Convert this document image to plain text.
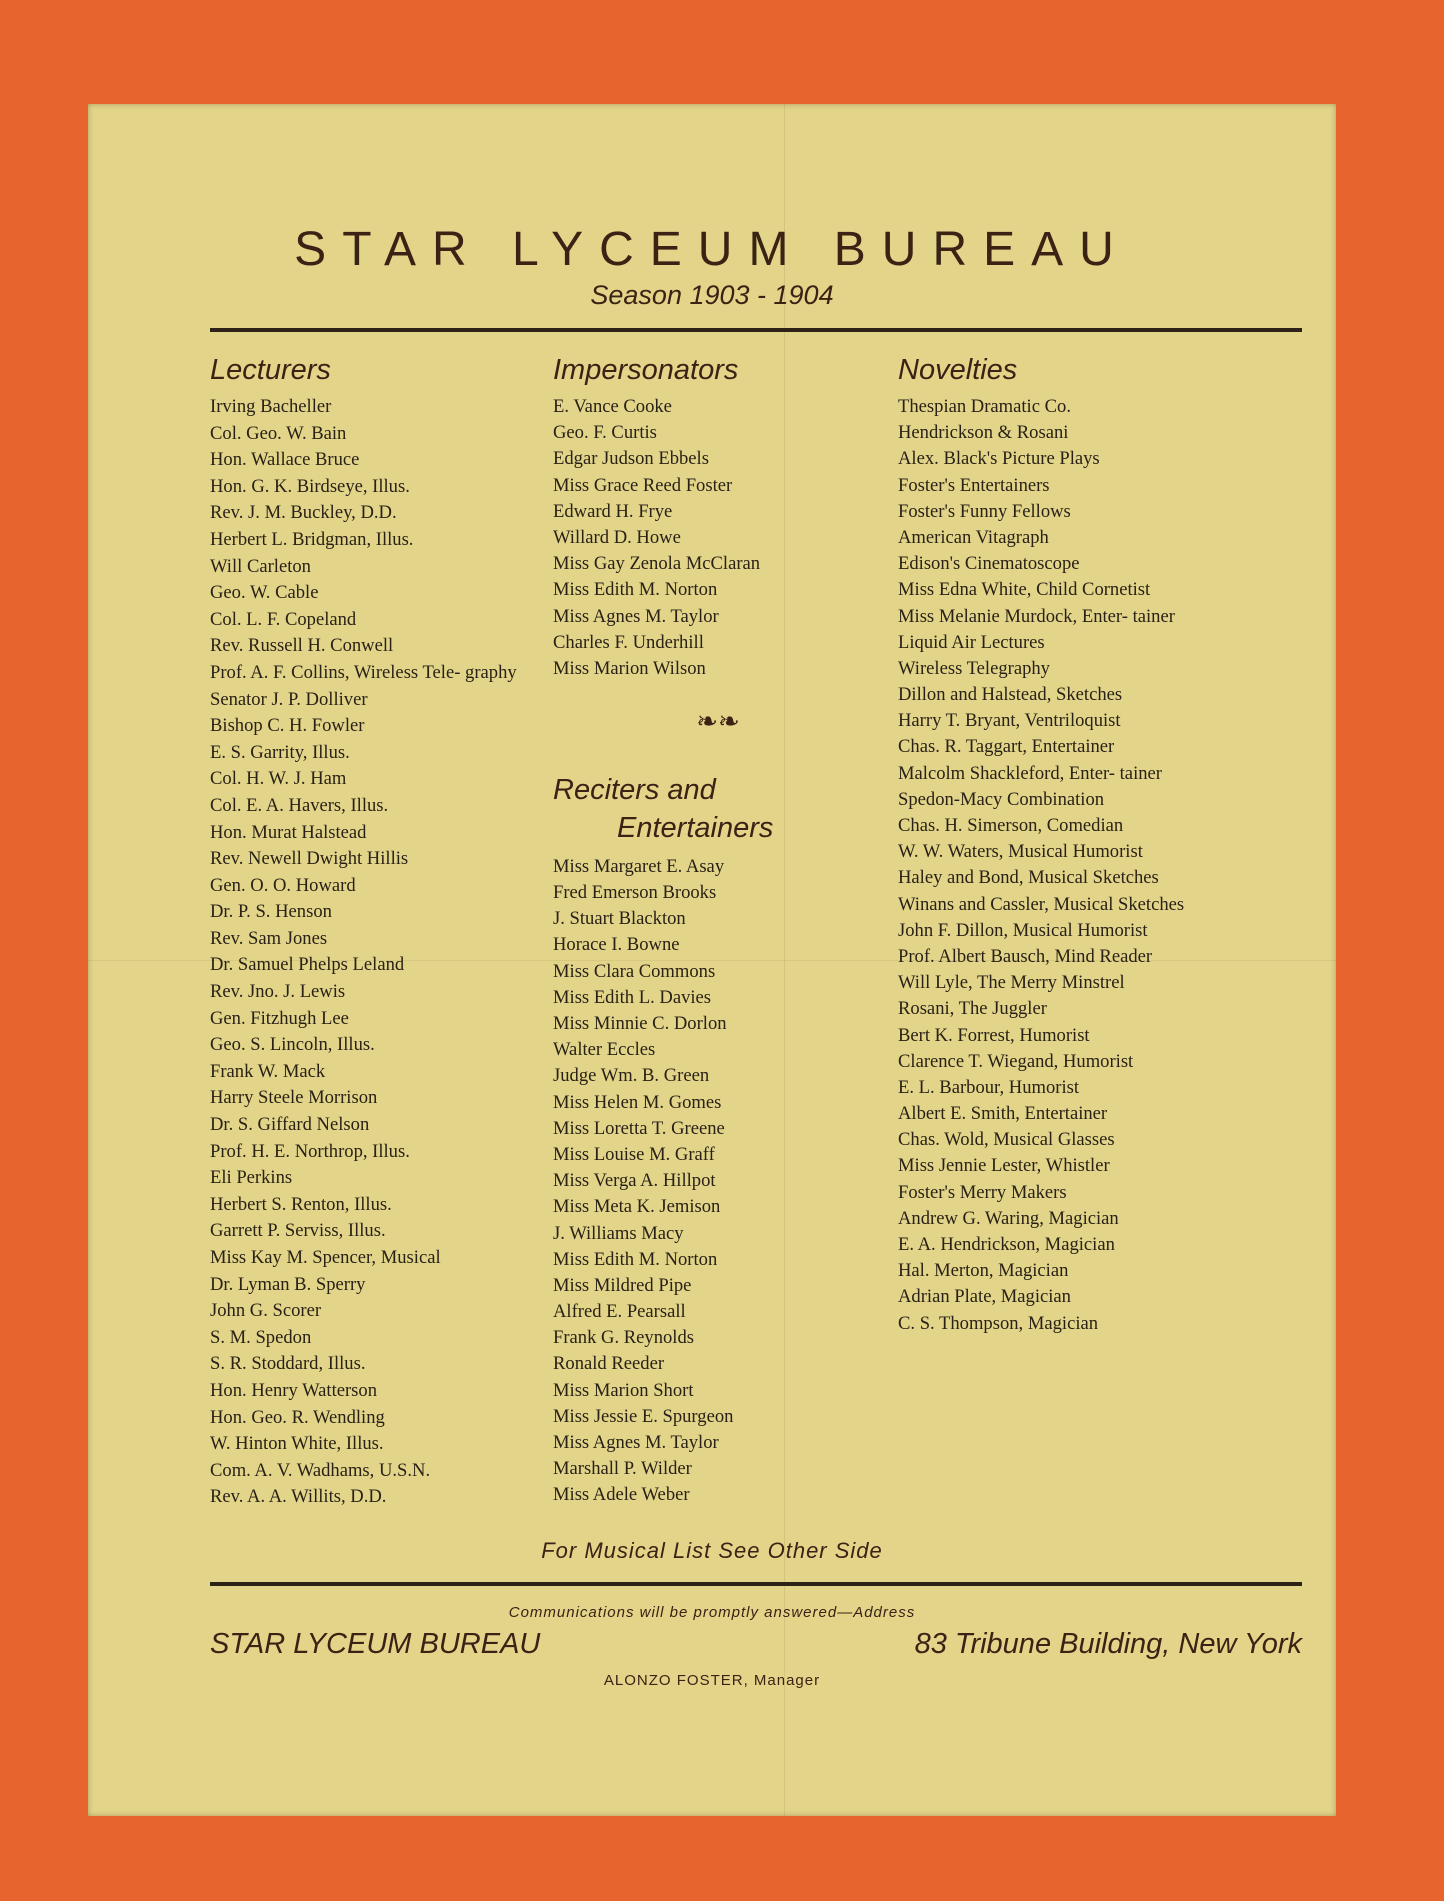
STAR LYCEUM BUREAU
Season 1903 - 1904
Lecturers
Irving Bacheller
Col. Geo. W. Bain
Hon. Wallace Bruce
Hon. G. K. Birdseye, Illus.
Rev. J. M. Buckley, D.D.
Herbert L. Bridgman, Illus.
Will Carleton
Geo. W. Cable
Col. L. F. Copeland
Rev. Russell H. Conwell
Prof. A. F. Collins, Wireless Tele- graphy
Senator J. P. Dolliver
Bishop C. H. Fowler
E. S. Garrity, Illus.
Col. H. W. J. Ham
Col. E. A. Havers, Illus.
Hon. Murat Halstead
Rev. Newell Dwight Hillis
Gen. O. O. Howard
Dr. P. S. Henson
Rev. Sam Jones
Dr. Samuel Phelps Leland
Rev. Jno. J. Lewis
Gen. Fitzhugh Lee
Geo. S. Lincoln, Illus.
Frank W. Mack
Harry Steele Morrison
Dr. S. Giffard Nelson
Prof. H. E. Northrop, Illus.
Eli Perkins
Herbert S. Renton, Illus.
Garrett P. Serviss, Illus.
Miss Kay M. Spencer, Musical
Dr. Lyman B. Sperry
John G. Scorer
S. M. Spedon
S. R. Stoddard, Illus.
Hon. Henry Watterson
Hon. Geo. R. Wendling
W. Hinton White, Illus.
Com. A. V. Wadhams, U.S.N.
Rev. A. A. Willits, D.D.
Impersonators
E. Vance Cooke
Geo. F. Curtis
Edgar Judson Ebbels
Miss Grace Reed Foster
Edward H. Frye
Willard D. Howe
Miss Gay Zenola McClaran
Miss Edith M. Norton
Miss Agnes M. Taylor
Charles F. Underhill
Miss Marion Wilson
❧❧
Reciters and
Entertainers
Miss Margaret E. Asay
Fred Emerson Brooks
J. Stuart Blackton
Horace I. Bowne
Miss Clara Commons
Miss Edith L. Davies
Miss Minnie C. Dorlon
Walter Eccles
Judge Wm. B. Green
Miss Helen M. Gomes
Miss Loretta T. Greene
Miss Louise M. Graff
Miss Verga A. Hillpot
Miss Meta K. Jemison
J. Williams Macy
Miss Edith M. Norton
Miss Mildred Pipe
Alfred E. Pearsall
Frank G. Reynolds
Ronald Reeder
Miss Marion Short
Miss Jessie E. Spurgeon
Miss Agnes M. Taylor
Marshall P. Wilder
Miss Adele Weber
Novelties
Thespian Dramatic Co.
Hendrickson & Rosani
Alex. Black's Picture Plays
Foster's Entertainers
Foster's Funny Fellows
American Vitagraph
Edison's Cinematoscope
Miss Edna White, Child Cornetist
Miss Melanie Murdock, Enter- tainer
Liquid Air Lectures
Wireless Telegraphy
Dillon and Halstead, Sketches
Harry T. Bryant, Ventriloquist
Chas. R. Taggart, Entertainer
Malcolm Shackleford, Enter- tainer
Spedon-Macy Combination
Chas. H. Simerson, Comedian
W. W. Waters, Musical Humorist
Haley and Bond, Musical Sketches
Winans and Cassler, Musical Sketches
John F. Dillon, Musical Humorist
Prof. Albert Bausch, Mind Reader
Will Lyle, The Merry Minstrel
Rosani, The Juggler
Bert K. Forrest, Humorist
Clarence T. Wiegand, Humorist
E. L. Barbour, Humorist
Albert E. Smith, Entertainer
Chas. Wold, Musical Glasses
Miss Jennie Lester, Whistler
Foster's Merry Makers
Andrew G. Waring, Magician
E. A. Hendrickson, Magician
Hal. Merton, Magician
Adrian Plate, Magician
C. S. Thompson, Magician
For Musical List See Other Side
Communications will be promptly answered—Address
STAR LYCEUM BUREAU	83 Tribune Building, New York
ALONZO FOSTER, Manager
